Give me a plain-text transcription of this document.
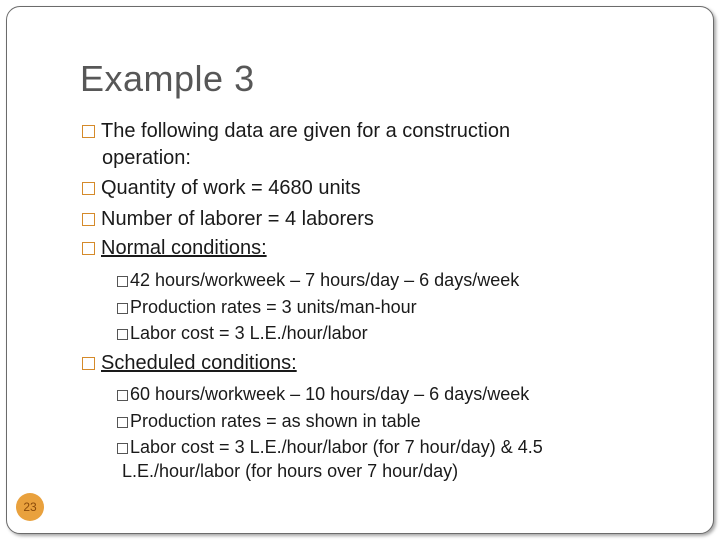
Example 3
The following data are given for a construction
operation:
Quantity of work = 4680 units
Number of laborer = 4 laborers
Normal conditions:
42 hours/workweek – 7 hours/day – 6 days/week
Production rates = 3 units/man-hour
Labor cost = 3 L.E./hour/labor
Scheduled conditions:
60 hours/workweek – 10 hours/day – 6 days/week
Production rates = as shown in table
Labor cost = 3 L.E./hour/labor (for 7 hour/day) & 4.5
L.E./hour/labor (for hours over 7 hour/day)
23
